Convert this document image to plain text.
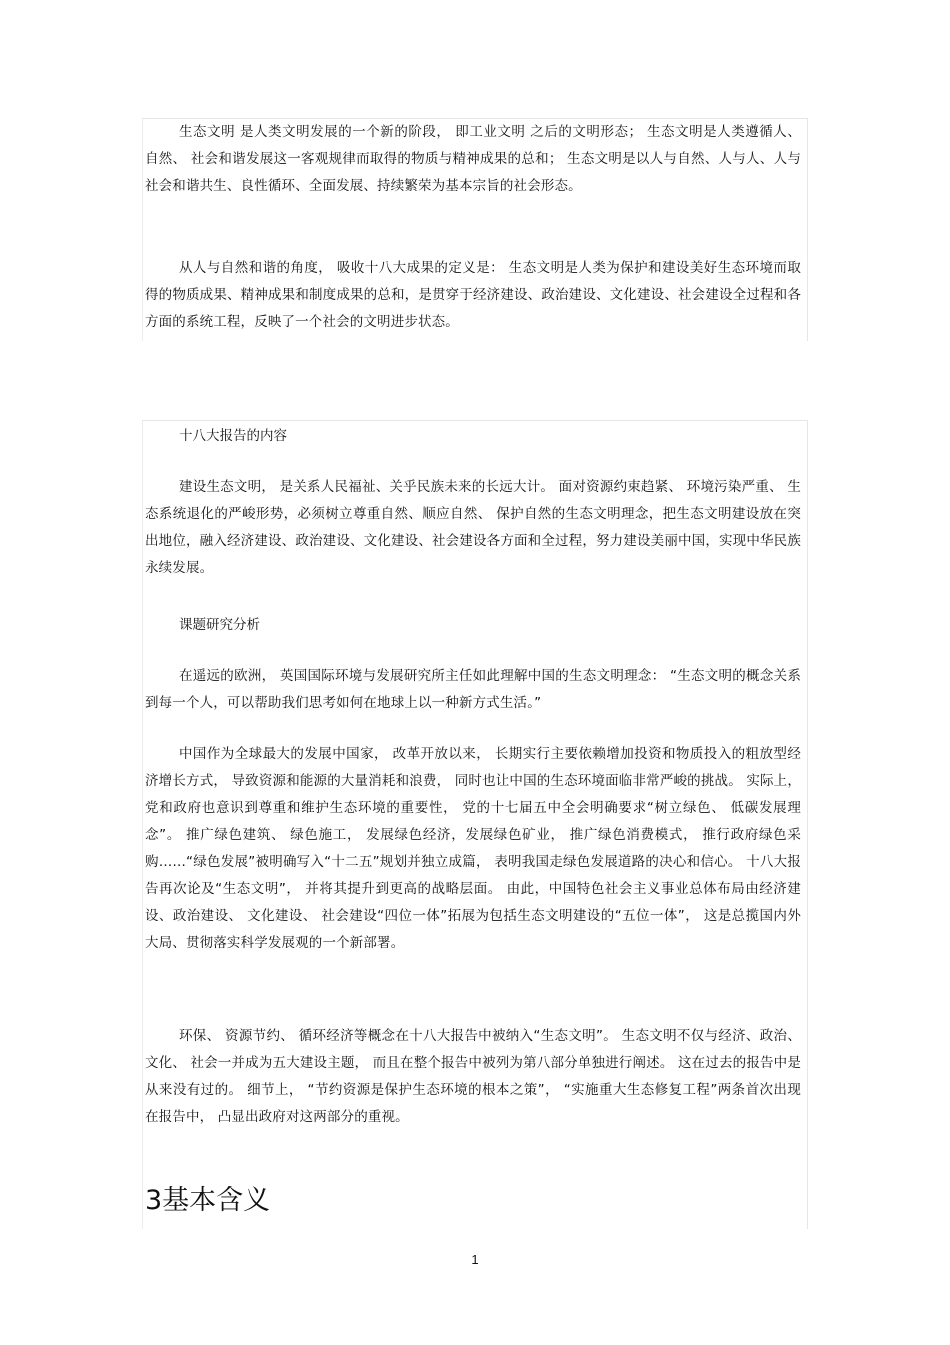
生态文明 是人类文明发展的一个新的阶段， 即工业文明 之后的文明形态； 生态文明是人类遵循人、 自然、 社会和谐发展这一客观规律而取得的物质与精神成果的总和； 生态文明是以人与自然、人与人、人与社会和谐共生、良性循环、全面发展、持续繁荣为基本宗旨的社会形态。

从人与自然和谐的角度， 吸收十八大成果的定义是： 生态文明是人类为保护和建设美好生态环境而取得的物质成果、精神成果和制度成果的总和，是贯穿于经济建设、政治建设、文化建设、社会建设全过程和各方面的系统工程，反映了一个社会的文明进步状态。

十八大报告的内容

建设生态文明， 是关系人民福祉、关乎民族未来的长远大计。 面对资源约束趋紧、 环境污染严重、 生态系统退化的严峻形势，必须树立尊重自然、顺应自然、 保护自然的生态文明理念，把生态文明建设放在突出地位，融入经济建设、政治建设、文化建设、社会建设各方面和全过程，努力建设美丽中国，实现中华民族永续发展。

课题研究分析

在遥远的欧洲， 英国国际环境与发展研究所主任如此理解中国的生态文明理念： “生态文明的概念关系到每一个人，可以帮助我们思考如何在地球上以一种新方式生活。”

中国作为全球最大的发展中国家， 改革开放以来， 长期实行主要依赖增加投资和物质投入的粗放型经济增长方式， 导致资源和能源的大量消耗和浪费， 同时也让中国的生态环境面临非常严峻的挑战。 实际上， 党和政府也意识到尊重和维护生态环境的重要性， 党的十七届五中全会明确要求“树立绿色、 低碳发展理念”。 推广绿色建筑、 绿色施工， 发展绿色经济，发展绿色矿业， 推广绿色消费模式， 推行政府绿色采购……“绿色发展”被明确写入“十二五”规划并独立成篇， 表明我国走绿色发展道路的决心和信心。 十八大报告再次论及“生态文明”， 并将其提升到更高的战略层面。 由此，中国特色社会主义事业总体布局由经济建设、政治建设、 文化建设、 社会建设“四位一体”拓展为包括生态文明建设的“五位一体”， 这是总揽国内外大局、贯彻落实科学发展观的一个新部署。

环保、 资源节约、 循环经济等概念在十八大报告中被纳入“生态文明”。 生态文明不仅与经济、政治、 文化、 社会一并成为五大建设主题， 而且在整个报告中被列为第八部分单独进行阐述。 这在过去的报告中是从来没有过的。 细节上， “节约资源是保护生态环境的根本之策”， “实施重大生态修复工程”两条首次出现在报告中， 凸显出政府对这两部分的重视。

3基本含义
1
